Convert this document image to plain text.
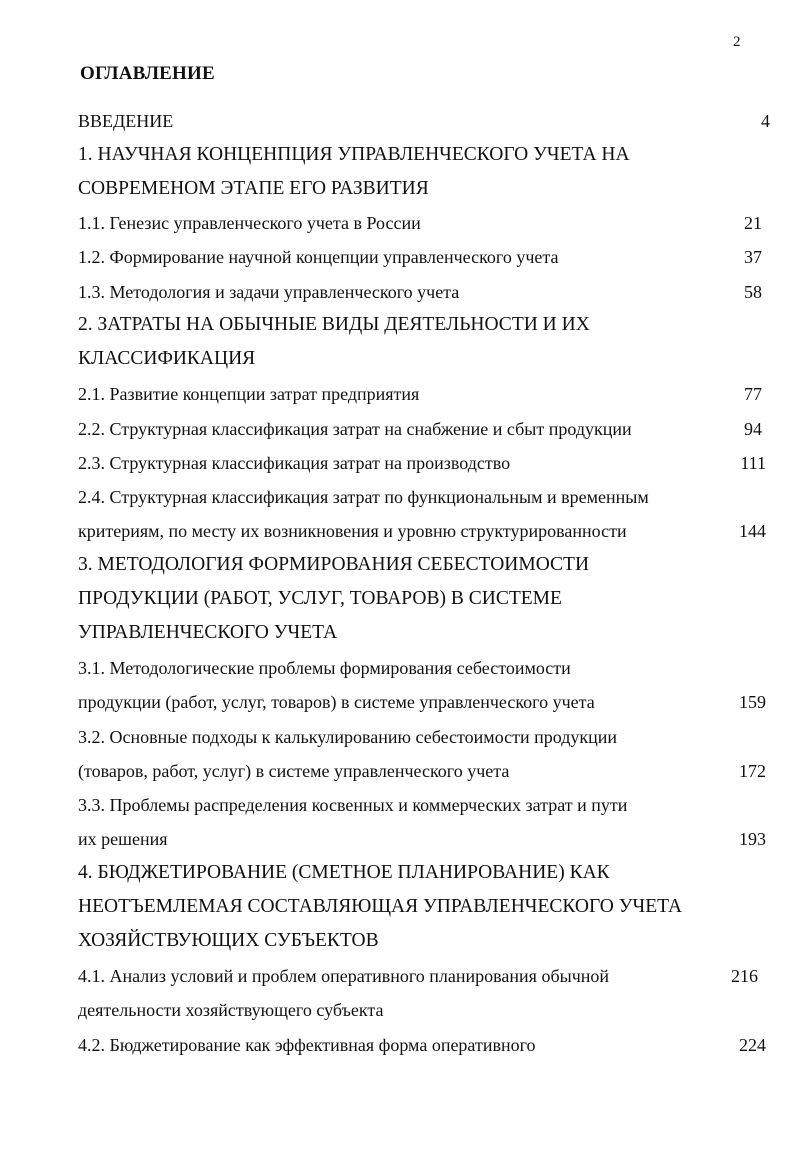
2
ОГЛАВЛЕНИЕ
ВВЕДЕНИЕ	4
1. НАУЧНАЯ КОНЦЕНПЦИЯ УПРАВЛЕНЧЕСКОГО УЧЕТА НА
СОВРЕМЕНОМ ЭТАПЕ ЕГО РАЗВИТИЯ
1.1. Генезис управленческого учета в России	21
1.2. Формирование научной концепции управленческого учета	37
1.3. Методология и задачи управленческого учета	58
2. ЗАТРАТЫ НА ОБЫЧНЫЕ ВИДЫ ДЕЯТЕЛЬНОСТИ И ИХ
КЛАССИФИКАЦИЯ
2.1. Развитие концепции затрат предприятия	77
2.2. Структурная классификация затрат на снабжение и сбыт продукции	94
2.3. Структурная классификация затрат на производство	111
2.4. Структурная классификация затрат по функциональным и временным
критериям, по месту их возникновения и уровню структурированности	144
3. МЕТОДОЛОГИЯ ФОРМИРОВАНИЯ СЕБЕСТОИМОСТИ
ПРОДУКЦИИ (РАБОТ, УСЛУГ, ТОВАРОВ) В СИСТЕМЕ
УПРАВЛЕНЧЕСКОГО УЧЕТА
3.1. Методологические проблемы формирования себестоимости
продукции (работ, услуг, товаров) в системе управленческого учета	159
3.2. Основные подходы к калькулированию себестоимости продукции
(товаров, работ, услуг) в системе управленческого учета	172
3.3. Проблемы распределения косвенных и коммерческих затрат и пути
их решения	193
4. БЮДЖЕТИРОВАНИЕ (СМЕТНОЕ ПЛАНИРОВАНИЕ) КАК
НЕОТЪЕМЛЕМАЯ СОСТАВЛЯЮЩАЯ УПРАВЛЕНЧЕСКОГО УЧЕТА
ХОЗЯЙСТВУЮЩИХ СУБЪЕКТОВ
4.1. Анализ условий и проблем оперативного планирования обычной	216
деятельности хозяйствующего субъекта
4.2. Бюджетирование как эффективная форма оперативного	224
